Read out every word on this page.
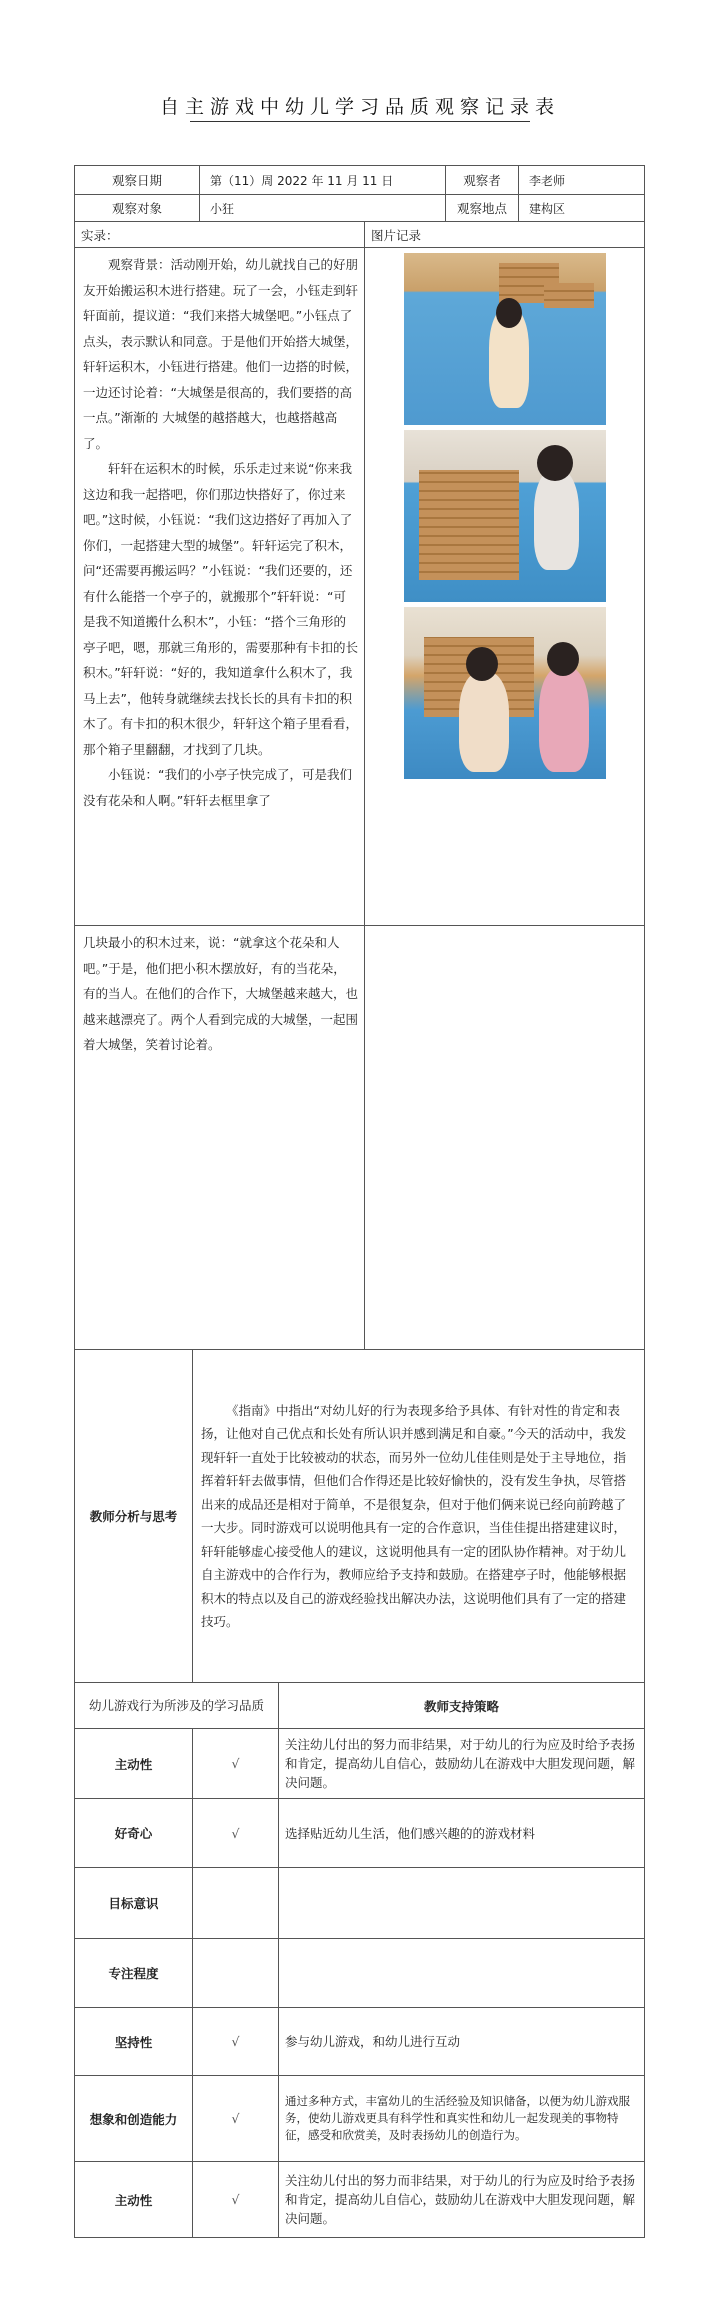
自主游戏中幼儿学习品质观察记录表
观察日期	第（11）周 2022 年 11 月 11 日	观察者	李老师
观察对象	小狂	观察地点	建构区
实录：		图片记录

观察背景：活动刚开始，幼儿就找自己的好朋友开始搬运积木进行搭建。玩了一会，小钰走到轩轩面前，提议道：“我们来搭大城堡吧。”小钰点了点头，表示默认和同意。于是他们开始搭大城堡，轩轩运积木，小钰进行搭建。他们一边搭的时候，一边还讨论着：“大城堡是很高的，我们要搭的高一点。”渐渐的 大城堡的越搭越大，也越搭越高了。

轩轩在运积木的时候，乐乐走过来说“你来我这边和我一起搭吧，你们那边快搭好了，你过来吧。”这时候，小钰说：“我们这边搭好了再加入了你们，一起搭建大型的城堡”。轩轩运完了积木，问“还需要再搬运吗？”小钰说：“我们还要的，还有什么能搭一个亭子的，就搬那个”轩轩说：“可是我不知道搬什么积木”，小钰：“搭个三角形的亭子吧，嗯，那就三角形的，需要那种有卡扣的长积木。”轩轩说：“好的，我知道拿什么积木了，我马上去”，他转身就继续去找长长的具有卡扣的积木了。有卡扣的积木很少，轩轩这个箱子里看看，那个箱子里翻翻，才找到了几块。

小钰说：“我们的小亭子快完成了，可是我们没有花朵和人啊。”轩轩去框里拿了		

几块最小的积木过来，说：“就拿这个花朵和人吧。”于是，他们把小积木摆放好，有的当花朵，有的当人。在他们的合作下，大城堡越来越大，也越来越漂亮了。两个人看到完成的大城堡，一起围着大城堡，笑着讨论着。		

教师分析与思考	《指南》中指出“对幼儿好的行为表现多给予具体、有针对性的肯定和表扬，让他对自己优点和长处有所认识并感到满足和自豪。”今天的活动中，我发现轩轩一直处于比较被动的状态，而另外一位幼儿佳佳则是处于主导地位，指挥着轩轩去做事情，但他们合作得还是比较好愉快的，没有发生争执，尽管搭出来的成品还是相对于简单，不是很复杂，但对于他们俩来说已经向前跨越了一大步。同时游戏可以说明他具有一定的合作意识，当佳佳提出搭建建议时，轩轩能够虚心接受他人的建议，这说明他具有一定的团队协作精神。对于幼儿自主游戏中的合作行为，教师应给予支持和鼓励。在搭建亭子时，他能够根据积木的特点以及自己的游戏经验找出解决办法，这说明他们具有了一定的搭建技巧。	

幼儿游戏行为所涉及的学习品质		教师支持策略
主动性	√	关注幼儿付出的努力而非结果，对于幼儿的行为应及时给予表扬和肯定，提高幼儿自信心，鼓励幼儿在游戏中大胆发现问题，解决问题。
好奇心	√	选择贴近幼儿生活，他们感兴趣的的游戏材料
目标意识		
专注程度		
坚持性	√	参与幼儿游戏，和幼儿进行互动
想象和创造能力	√	通过多种方式，丰富幼儿的生活经验及知识储备，以便为幼儿游戏服务，使幼儿游戏更具有科学性和真实性和幼儿一起发现美的事物特征，感受和欣赏美，及时表扬幼儿的创造行为。
主动性	√	关注幼儿付出的努力而非结果，对于幼儿的行为应及时给予表扬和肯定，提高幼儿自信心，鼓励幼儿在游戏中大胆发现问题，解决问题。
